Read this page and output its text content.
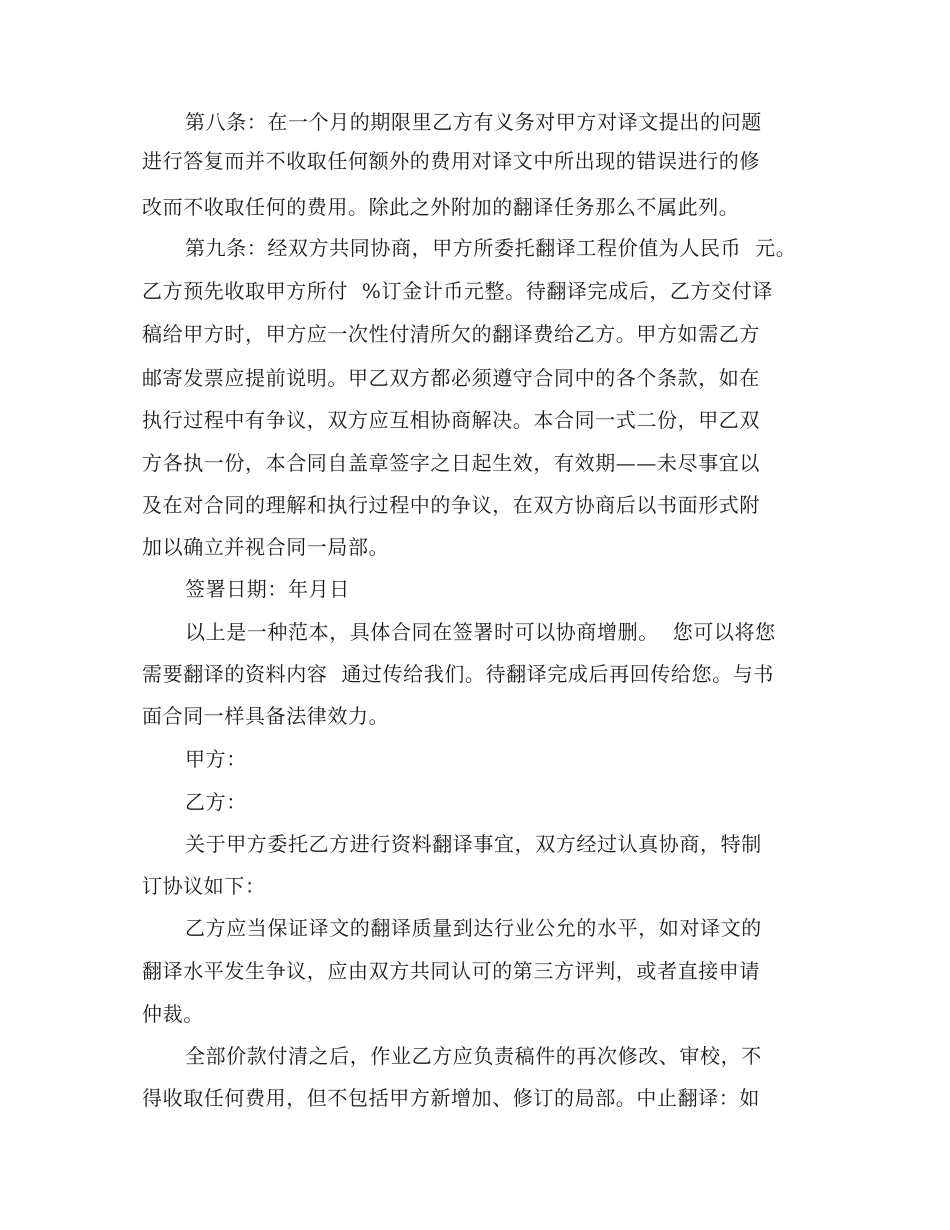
第八条：在一个月的期限里乙方有义务对甲方对译文提出的问题
进行答复而并不收取任何额外的费用对译文中所出现的错误进行的修
改而不收取任何的费用。除此之外附加的翻译任务那么不属此列。
第九条：经双方共同协商，甲方所委托翻译工程价值为人民币  元。
乙方预先收取甲方所付  %订金计币元整。待翻译完成后，乙方交付译
稿给甲方时，甲方应一次性付清所欠的翻译费给乙方。甲方如需乙方
邮寄发票应提前说明。甲乙双方都必须遵守合同中的各个条款，如在
执行过程中有争议，双方应互相协商解决。本合同一式二份，甲乙双
方各执一份，本合同自盖章签字之日起生效，有效期——未尽事宜以
及在对合同的理解和执行过程中的争议，在双方协商后以书面形式附
加以确立并视合同一局部。
签署日期：年月日
以上是一种范本，具体合同在签署时可以协商增删。  您可以将您
需要翻译的资料内容  通过传给我们。待翻译完成后再回传给您。与书
面合同一样具备法律效力。
甲方：
乙方：
关于甲方委托乙方进行资料翻译事宜，双方经过认真协商，特制
订协议如下：
乙方应当保证译文的翻译质量到达行业公允的水平，如对译文的
翻译水平发生争议，应由双方共同认可的第三方评判，或者直接申请
仲裁。
全部价款付清之后，作业乙方应负责稿件的再次修改、审校，不
得收取任何费用，但不包括甲方新增加、修订的局部。中止翻译：如
